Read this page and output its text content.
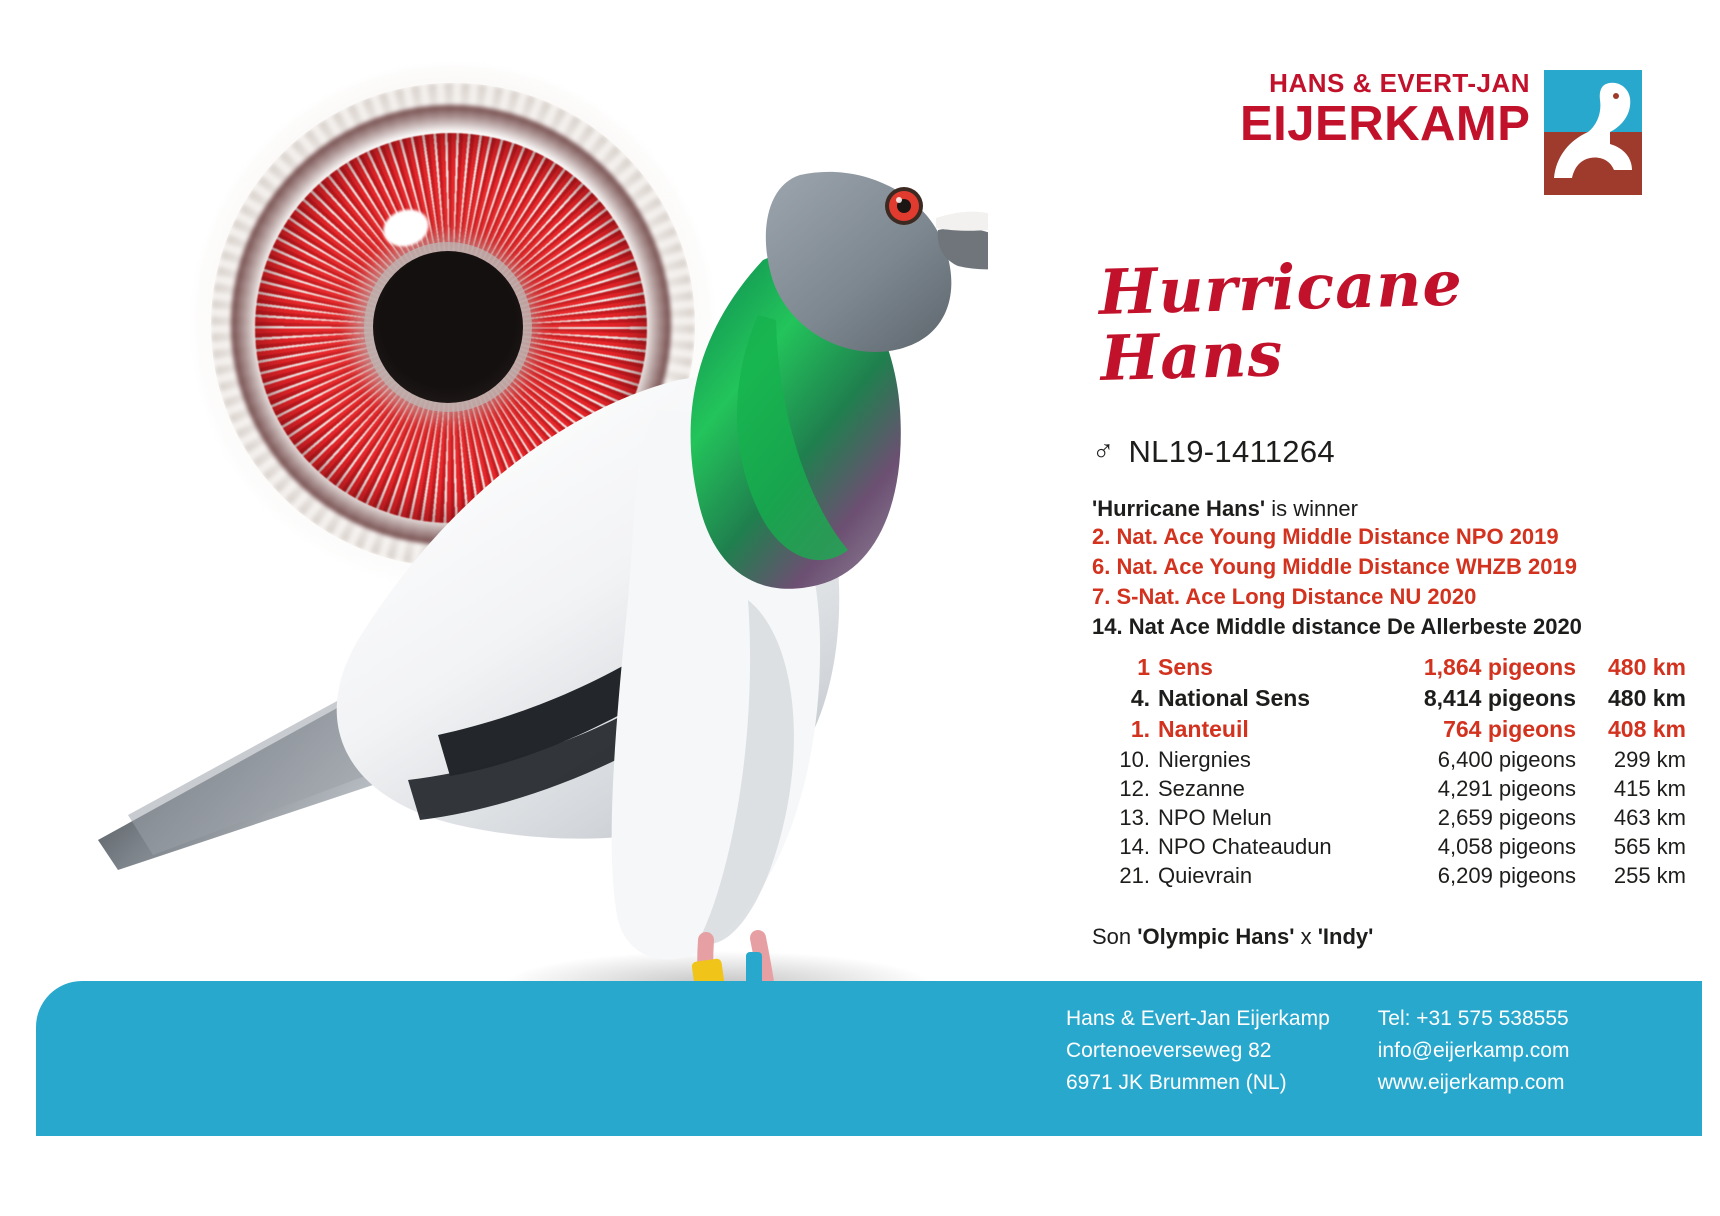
HANS & EVERT-JAN
EIJERKAMP
Hurricane
Hans
♂ NL19-1411264
'Hurricane Hans' is winner
2. Nat. Ace Young Middle Distance NPO 2019
6. Nat. Ace Young Middle Distance WHZB 2019
7. S-Nat. Ace Long Distance NU 2020
14. Nat Ace Middle distance De Allerbeste 2020
1 Sens	1,864 pigeons	480 km
4. National Sens	8,414 pigeons	480 km
1. Nanteuil	764 pigeons	408 km
10. Niergnies	6,400 pigeons	299 km
12. Sezanne	4,291 pigeons	415 km
13. NPO Melun	2,659 pigeons	463 km
14. NPO Chateaudun	4,058 pigeons	565 km
21. Quievrain	6,209 pigeons	255 km
Son 'Olympic Hans' x 'Indy'
Hans & Evert-Jan Eijerkamp
Cortenoeverseweg 82
6971 JK Brummen (NL)
Tel: +31 575 538555
info@eijerkamp.com
www.eijerkamp.com
